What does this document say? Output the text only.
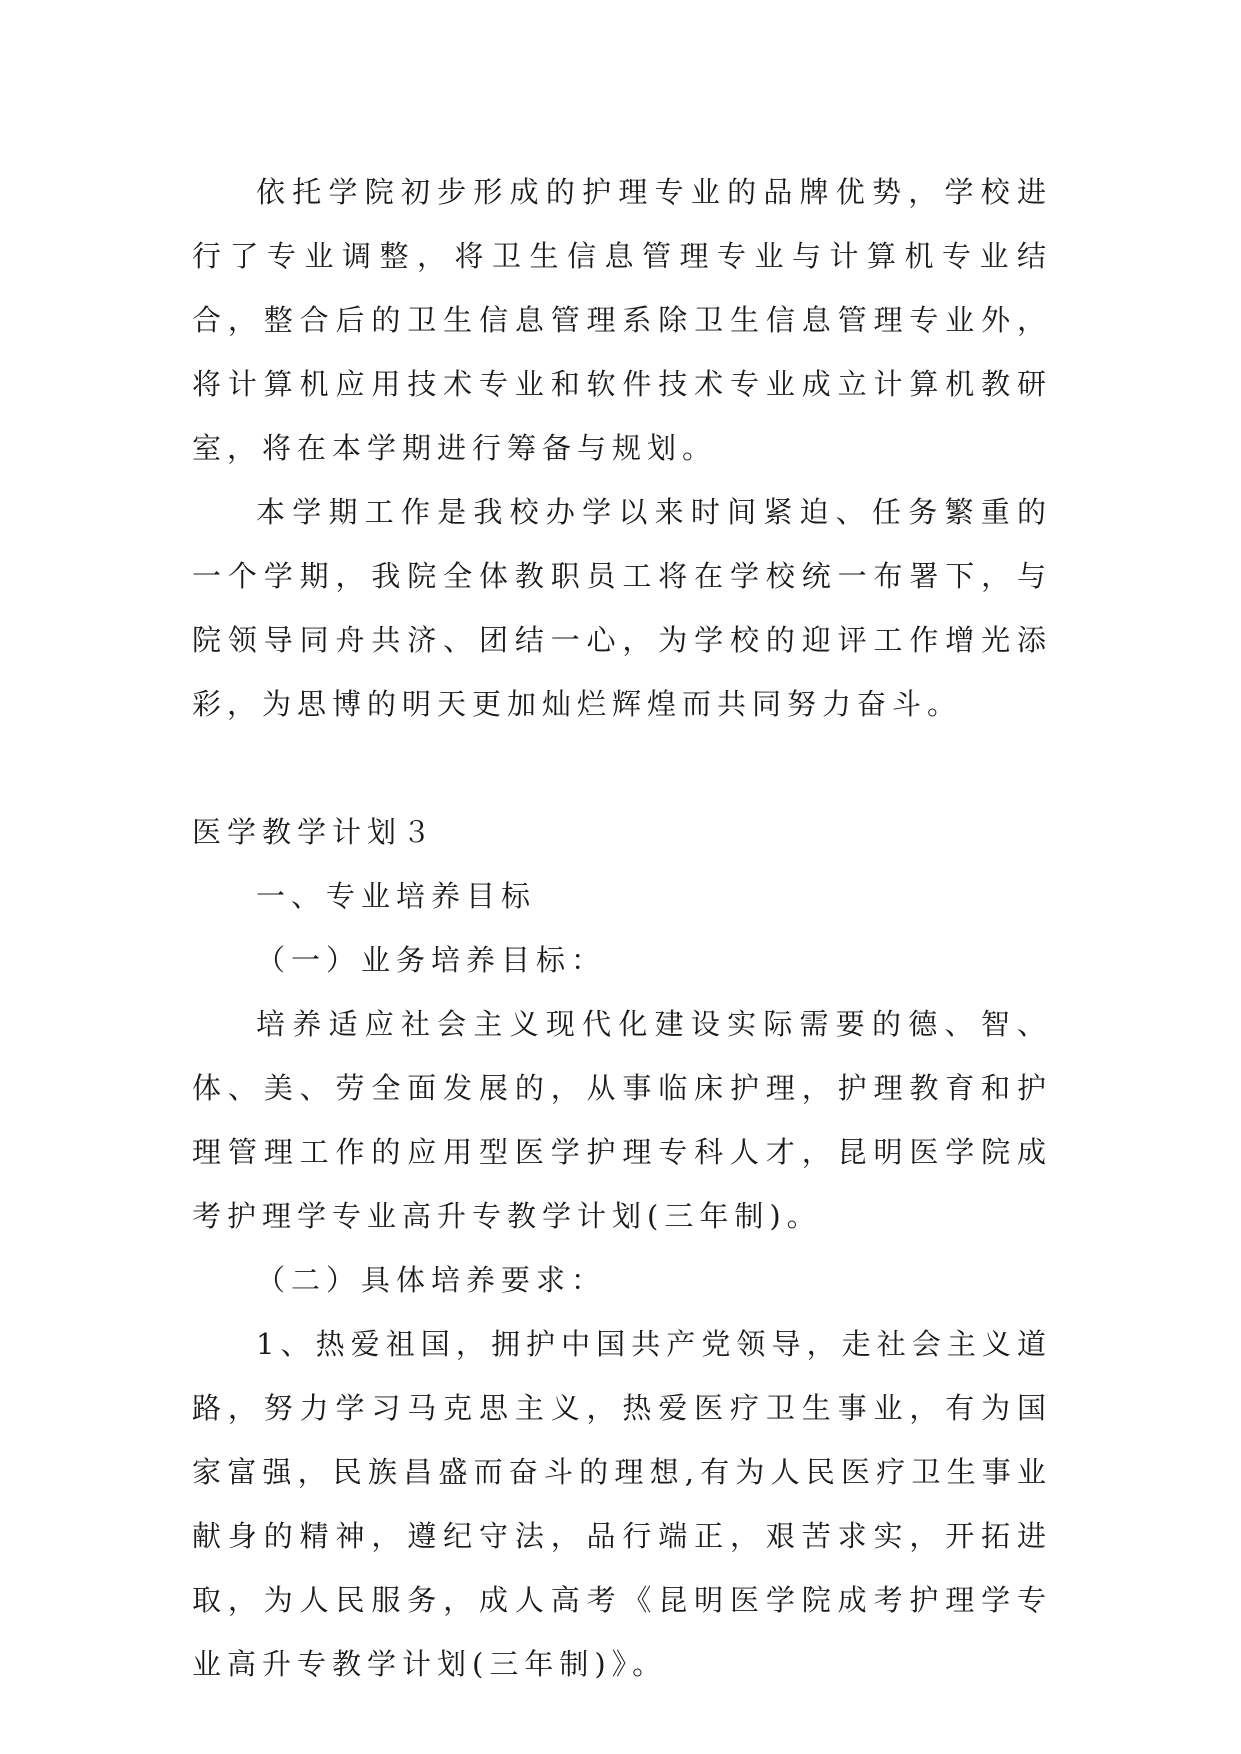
依托学院初步形成的护理专业的品牌优势，学校进行了专业调整，将卫生信息管理专业与计算机专业结合，整合后的卫生信息管理系除卫生信息管理专业外，将计算机应用技术专业和软件技术专业成立计算机教研室，将在本学期进行筹备与规划。

本学期工作是我校办学以来时间紧迫、任务繁重的一个学期，我院全体教职员工将在学校统一布署下，与院领导同舟共济、团结一心，为学校的迎评工作增光添彩，为思博的明天更加灿烂辉煌而共同努力奋斗。

医学教学计划３

一、专业培养目标

（一）业务培养目标：

培养适应社会主义现代化建设实际需要的德、智、体、美、劳全面发展的，从事临床护理，护理教育和护理管理工作的应用型医学护理专科人才，昆明医学院成考护理学专业高升专教学计划(三年制)。

（二）具体培养要求：

1、热爱祖国，拥护中国共产党领导，走社会主义道路，努力学习马克思主义，热爱医疗卫生事业，有为国家富强，民族昌盛而奋斗的理想,有为人民医疗卫生事业献身的精神，遵纪守法，品行端正，艰苦求实，开拓进取，为人民服务，成人高考《昆明医学院成考护理学专业高升专教学计划(三年制)》。
